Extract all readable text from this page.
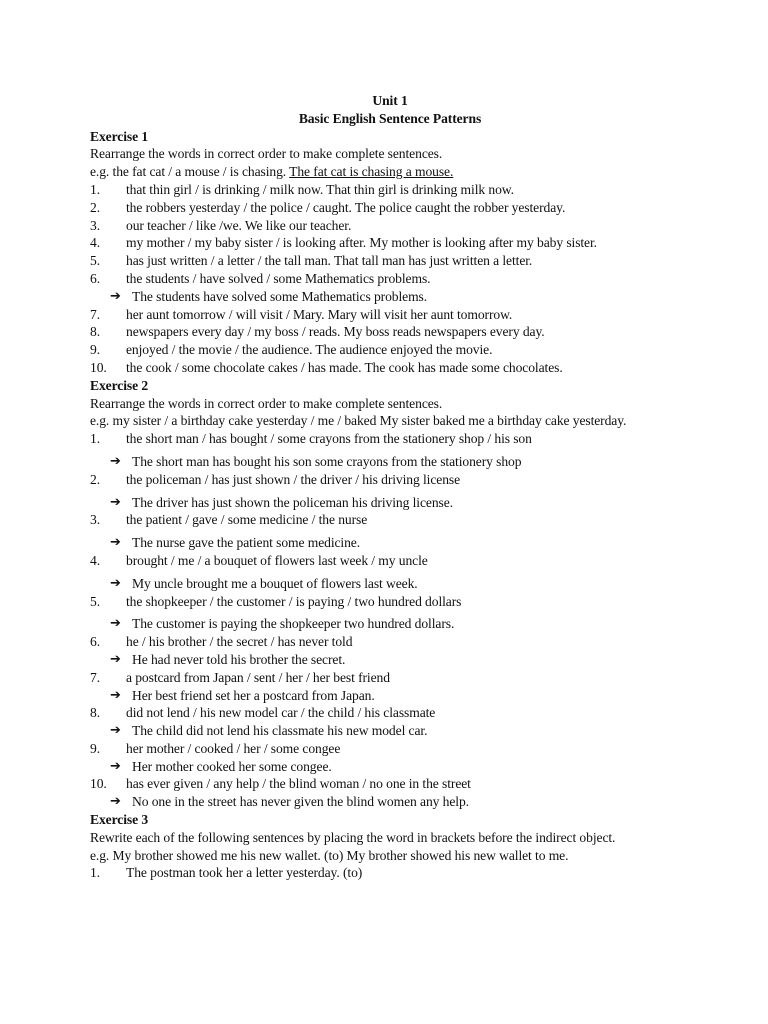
Unit 1
Basic English Sentence Patterns
Exercise 1
Rearrange the words in correct order to make complete sentences.
e.g. the fat cat / a mouse / is chasing. The fat cat is chasing a mouse.
1.	that thin girl / is drinking / milk now. That thin girl is drinking milk now.
2.	the robbers yesterday / the police / caught. The police caught the robber yesterday.
3.	our teacher / like /we. We like our teacher.
4.	my mother / my baby sister / is looking after. My mother is looking after my baby sister.
5.	has just written / a letter / the tall man. That tall man has just written a letter.
6.	the students / have solved / some Mathematics problems.
➔ The students have solved some Mathematics problems.
7.	her aunt tomorrow / will visit / Mary. Mary will visit her aunt tomorrow.
8.	newspapers every day / my boss / reads. My boss reads newspapers every day.
9.	enjoyed / the movie / the audience. The audience enjoyed the movie.
10.	the cook / some chocolate cakes / has made. The cook has made some chocolates.
Exercise 2
Rearrange the words in correct order to make complete sentences.
e.g. my sister / a birthday cake yesterday / me / baked My sister baked me a birthday cake yesterday.
1.	the short man / has bought / some crayons from the stationery shop / his son
➔ The short man has bought his son some crayons from the stationery shop
2.	the policeman / has just shown / the driver / his driving license
➔ The driver has just shown the policeman his driving license.
3.	the patient / gave / some medicine / the nurse
➔ The nurse gave the patient some medicine.
4.	brought / me / a bouquet of flowers last week / my uncle
➔ My uncle brought me a bouquet of flowers last week.
5.	the shopkeeper / the customer / is paying / two hundred dollars
➔ The customer is paying the shopkeeper two hundred dollars.
6.	he / his brother / the secret / has never told
➔ He had never told his brother the secret.
7.	a postcard from Japan / sent / her / her best friend
➔ Her best friend set her a postcard from Japan.
8.	did not lend / his new model car / the child / his classmate
➔ The child did not lend his classmate his new model car.
9.	her mother / cooked / her / some congee
➔ Her mother cooked her some congee.
10.	has ever given / any help / the blind woman / no one in the street
➔ No one in the street has never given the blind women any help.
Exercise 3
Rewrite each of the following sentences by placing the word in brackets before the indirect object.
e.g. My brother showed me his new wallet. (to) My brother showed his new wallet to me.
1.	The postman took her a letter yesterday. (to)
